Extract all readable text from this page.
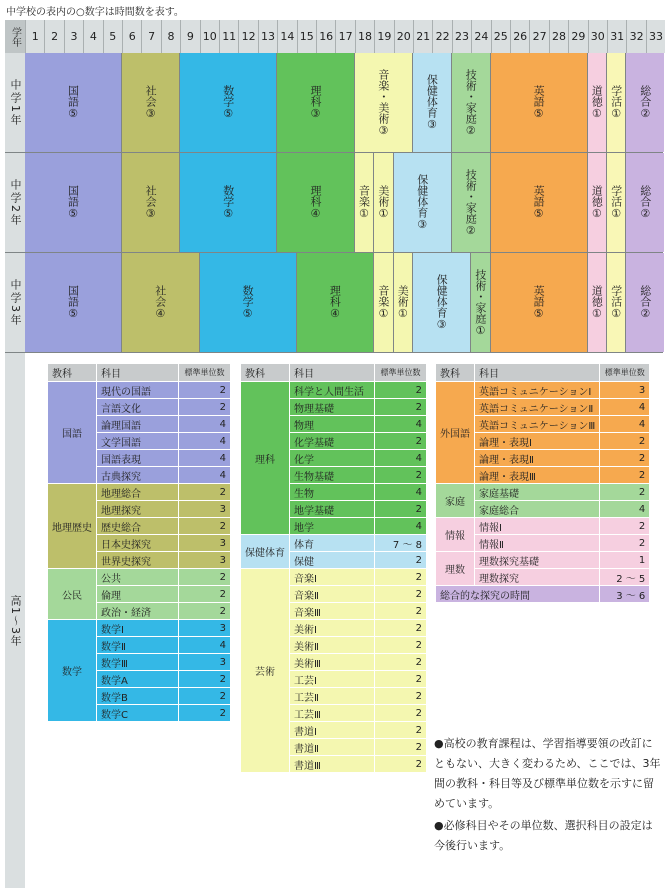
中学校の表内の○数字は時間数を表す。
学年
高1〜3年
教科	科目	標準単位数
国語	現代の国語	2
	言語文化	2
	論理国語	4
	文学国語	4
	国語表現	4
	古典探究	4
地理歴史	地理総合	2
	地理探究	3
	歴史総合	2
	日本史探究	3
	世界史探究	3
公民	公共	2
	倫理	2
	政治・経済	2
数学	数学Ⅰ	3
	数学Ⅱ	4
	数学Ⅲ	3
	数学A	2
	数学B	2
	数学C	2
教科	科目	標準単位数
理科	科学と人間生活	2
	物理基礎	2
	物理	4
	化学基礎	2
	化学	4
	生物基礎	2
	生物	4
	地学基礎	2
	地学	4
保健体育	体育	7 〜 8
	保健	2
芸術	音楽Ⅰ	2
	音楽Ⅱ	2
	音楽Ⅲ	2
	美術Ⅰ	2
	美術Ⅱ	2
	美術Ⅲ	2
	工芸Ⅰ	2
	工芸Ⅱ	2
	工芸Ⅲ	2
	書道Ⅰ	2
	書道Ⅱ	2
	書道Ⅲ	2
教科	科目	標準単位数
外国語	英語コミュニケーションⅠ	3
	英語コミュニケーションⅡ	4
	英語コミュニケーションⅢ	4
	論理・表現Ⅰ	2
	論理・表現Ⅱ	2
	論理・表現Ⅲ	2
家庭	家庭基礎	2
	家庭総合	4
情報	情報Ⅰ	2
	情報Ⅱ	2
理数	理数探究基礎	1
	理数探究	2 〜 5
総合的な探究の時間		3 〜 6
1	2	3	4	5	6	7	8	9 10 11 12 13 14 15 16 17 18 19 20 21 22 23 24 25 26 27 28 29 30 31 32 33
中学1年	国語⑤	社会③	数学⑤	理科③	音楽・美術③	保健体育③ 技術・家庭②	英語⑤	道徳① 学活① 総合②
中学2年	国語⑤	社会③	数学⑤	理科④	音楽① 美術① 保健体育③	技術・家庭②	英語⑤	道徳① 学活① 総合②
中学3年	国語⑤	社会④	数学⑤	理科④	音楽① 美術① 保健体育③ 技術・家庭①	英語⑤	道徳① 学活① 総合②
●高校の教育課程は、学習指導要領の改訂にともない、大きく変わるため、ここでは、3年間の教科・科目等及び標準単位数を示すに留めています。
●必修科目やその単位数、選択科目の設定は今後行います。
